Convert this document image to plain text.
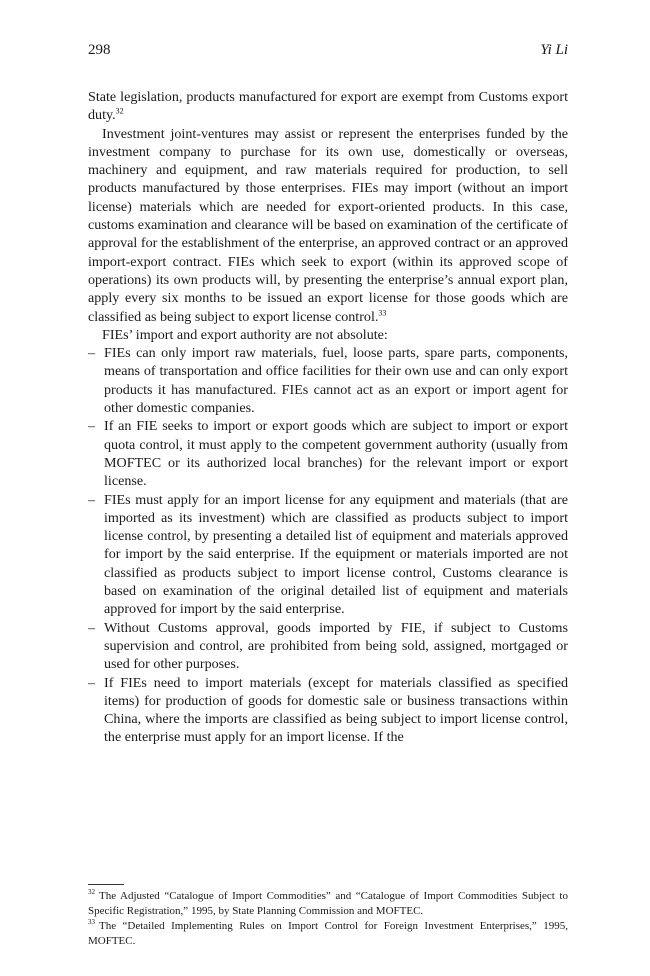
298	Yi Li

State legislation, products manufactured for export are exempt from Customs export duty.$^{32}$

Investment joint-ventures may assist or represent the enterprises funded by the investment company to purchase for its own use, domestically or overseas, machinery and equipment, and raw materials required for production, to sell products manufactured by those enterprises. FIEs may import (without an import license) materials which are needed for export-oriented products. In this case, customs examination and clearance will be based on examination of the certificate of approval for the establishment of the enterprise, an approved contract or an approved import-export contract. FIEs which seek to export (within its approved scope of operations) its own products will, by presenting the enterprise’s annual export plan, apply every six months to be issued an export license for those goods which are classified as being subject to export license control.$^{33}$

FIEs’ import and export authority are not absolute:

– FIEs can only import raw materials, fuel, loose parts, spare parts, components, means of transportation and office facilities for their own use and can only export products it has manufactured. FIEs cannot act as an export or import agent for other domestic companies.
– If an FIE seeks to import or export goods which are subject to import or export quota control, it must apply to the competent government authority (usually from MOFTEC or its authorized local branches) for the relevant import or export license.
– FIEs must apply for an import license for any equipment and materials (that are imported as its investment) which are classified as products subject to import license control, by presenting a detailed list of equipment and materials approved for import by the said enterprise. If the equipment or materials imported are not classified as products subject to import license control, Customs clearance is based on examination of the original detailed list of equipment and materials approved for import by the said enterprise.
– Without Customs approval, goods imported by FIE, if subject to Customs supervision and control, are prohibited from being sold, assigned, mortgaged or used for other purposes.
– If FIEs need to import materials (except for materials classified as specified items) for production of goods for domestic sale or business transactions within China, where the imports are classified as being subject to import license control, the enterprise must apply for an import license. If the

$^{32}$ The Adjusted “Catalogue of Import Commodities” and “Catalogue of Import Commodities Subject to Specific Registration,” 1995, by State Planning Commission and MOFTEC.

$^{33}$ The “Detailed Implementing Rules on Import Control for Foreign Investment Enterprises,” 1995, MOFTEC.
